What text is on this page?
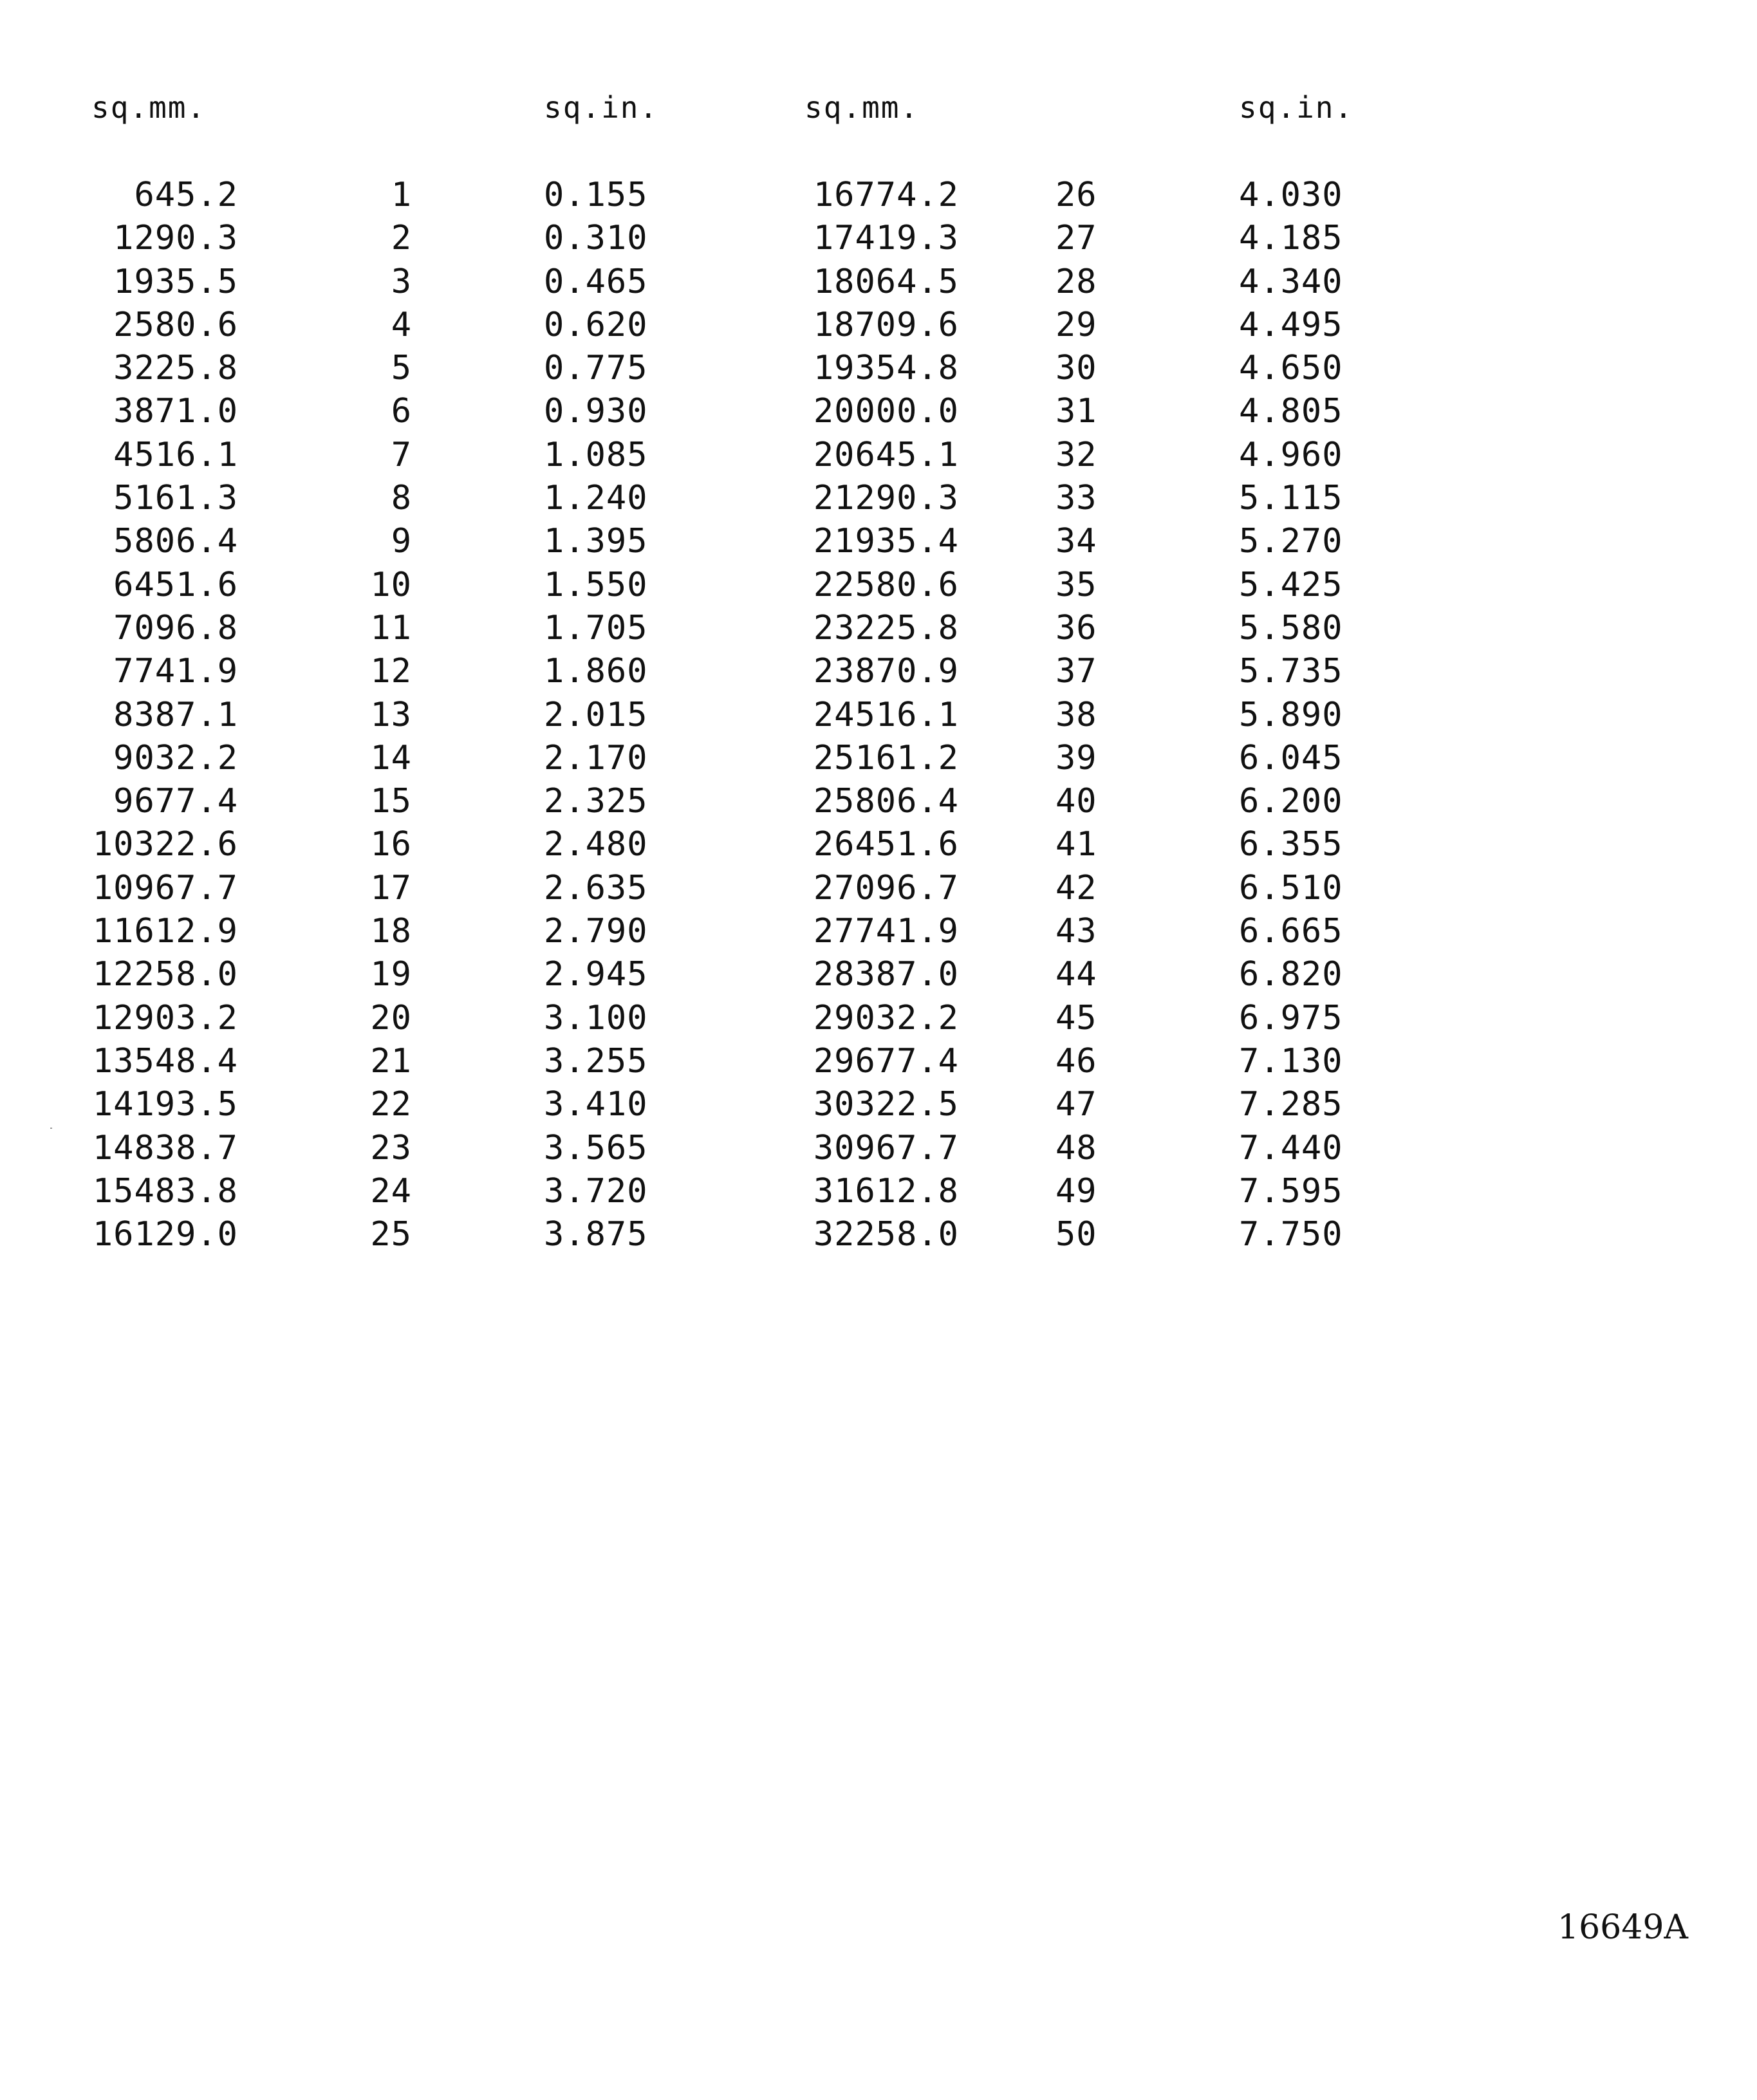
sq.mm.	sq.in.	sq.mm.	sq.in.
645.2	1	0.155	16774.2	26	4.030
1290.3	2	0.310	17419.3	27	4.185
1935.5	3	0.465	18064.5	28	4.340
2580.6	4	0.620	18709.6	29	4.495
3225.8	5	0.775	19354.8	30	4.650
3871.0	6	0.930	20000.0	31	4.805
4516.1	7	1.085	20645.1	32	4.960
5161.3	8	1.240	21290.3	33	5.115
5806.4	9	1.395	21935.4	34	5.270
6451.6	10	1.550	22580.6	35	5.425
7096.8	11	1.705	23225.8	36	5.580
7741.9	12	1.860	23870.9	37	5.735
8387.1	13	2.015	24516.1	38	5.890
9032.2	14	2.170	25161.2	39	6.045
9677.4	15	2.325	25806.4	40	6.200
10322.6	16	2.480	26451.6	41	6.355
10967.7	17	2.635	27096.7	42	6.510
11612.9	18	2.790	27741.9	43	6.665
12258.0	19	2.945	28387.0	44	6.820
12903.2	20	3.100	29032.2	45	6.975
13548.4	21	3.255	29677.4	46	7.130
14193.5	22	3.410	30322.5	47	7.285
14838.7	23	3.565	30967.7	48	7.440
15483.8	24	3.720	31612.8	49	7.595
16129.0	25	3.875	32258.0	50	7.750
16649A
